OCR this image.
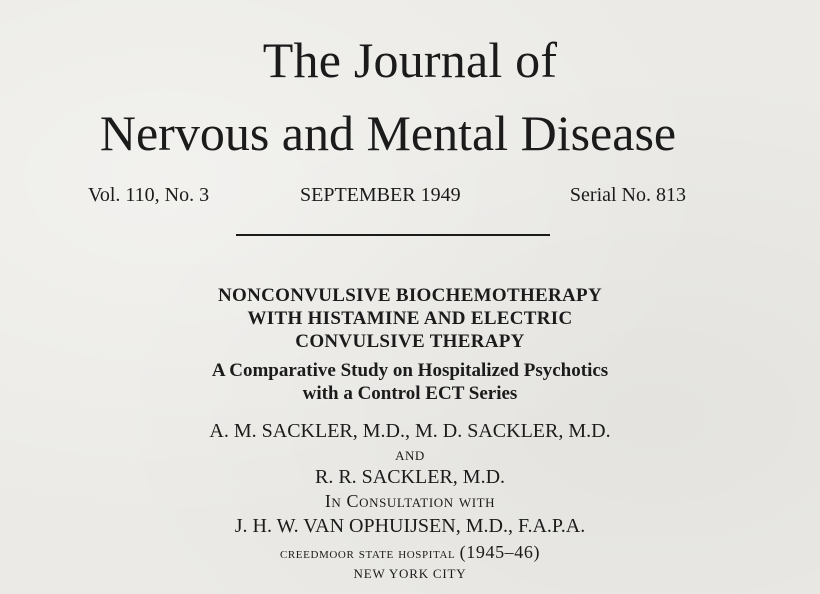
The Journal of
Nervous and Mental Disease
Vol. 110, No. 3	SEPTEMBER 1949	Serial No. 813
NONCONVULSIVE BIOCHEMOTHERAPY
WITH HISTAMINE AND ELECTRIC
CONVULSIVE THERAPY
A Comparative Study on Hospitalized Psychotics
with a Control ECT Series
A. M. SACKLER, M.D., M. D. SACKLER, M.D.
AND
R. R. SACKLER, M.D.
In Consultation with
J. H. W. VAN OPHUIJSEN, M.D., F.A.P.A.
creedmoor state hospital (1945–46)
NEW YORK CITY
